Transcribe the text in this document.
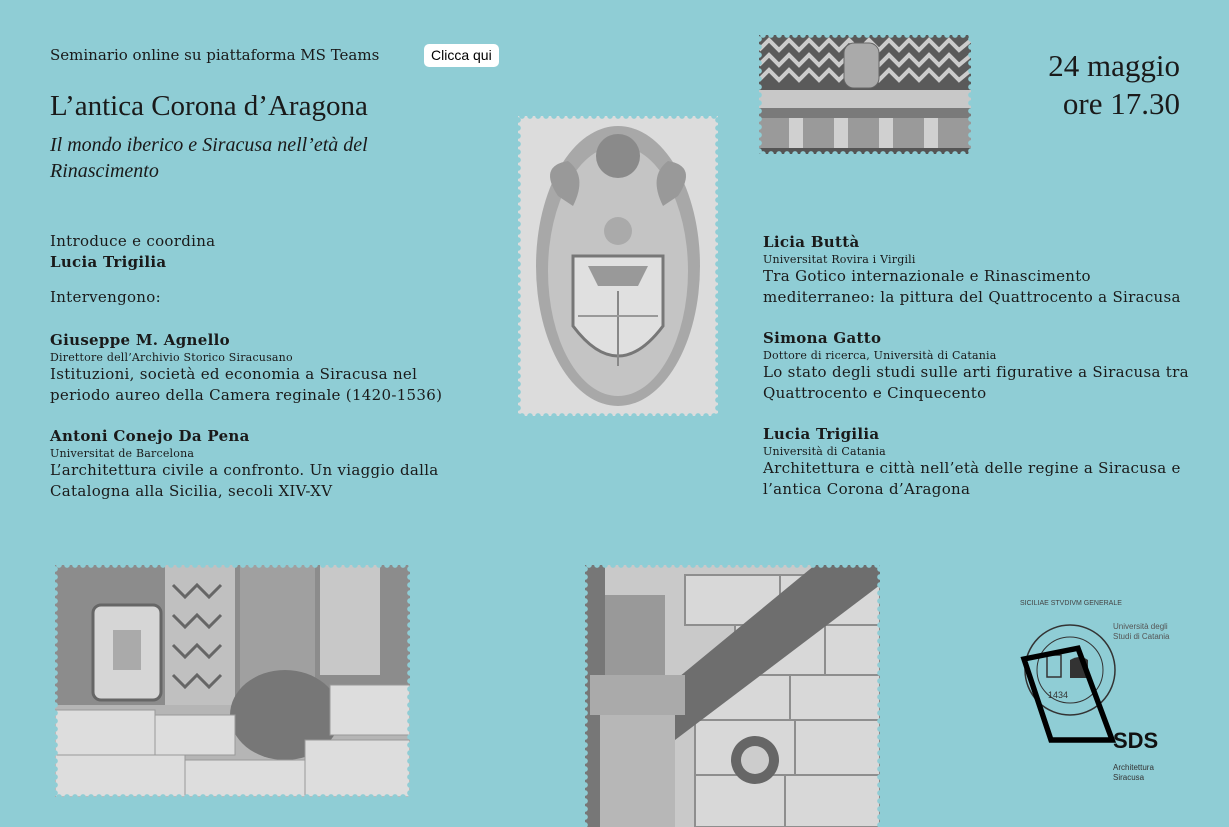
Seminario online su piattaforma MS Teams	Clicca qui
L’antica Corona d’Aragona
Il mondo iberico e Siracusa nell’età del Rinascimento
24 maggio
ore 17.30
Introduce e coordina
Lucia Trigilia
Intervengono:
Giuseppe M. Agnello
Direttore dell’Archivio Storico Siracusano
Istituzioni, società ed economia a Siracusa nel periodo aureo della Camera reginale (1420-1536)
Antoni Conejo Da Pena
Universitat de Barcelona
L’architettura civile a confronto. Un viaggio dalla Catalogna alla Sicilia, secoli XIV-XV
Licia Buttà
Universitat Rovira i Virgili
Tra Gotico internazionale e Rinascimento mediterraneo: la pittura del Quattrocento a Siracusa
Simona Gatto
Dottore di ricerca, Università di Catania
Lo stato degli studi sulle arti figurative a Siracusa tra Quattrocento e Cinquecento
Lucia Trigilia
Università di Catania
Architettura e città nell’età delle regine a Siracusa e l’antica Corona d’Aragona
Università degli Studi di Catania
SICILIAE STVDIVM GENERALE
1434
SDS
Architettura Siracusa
